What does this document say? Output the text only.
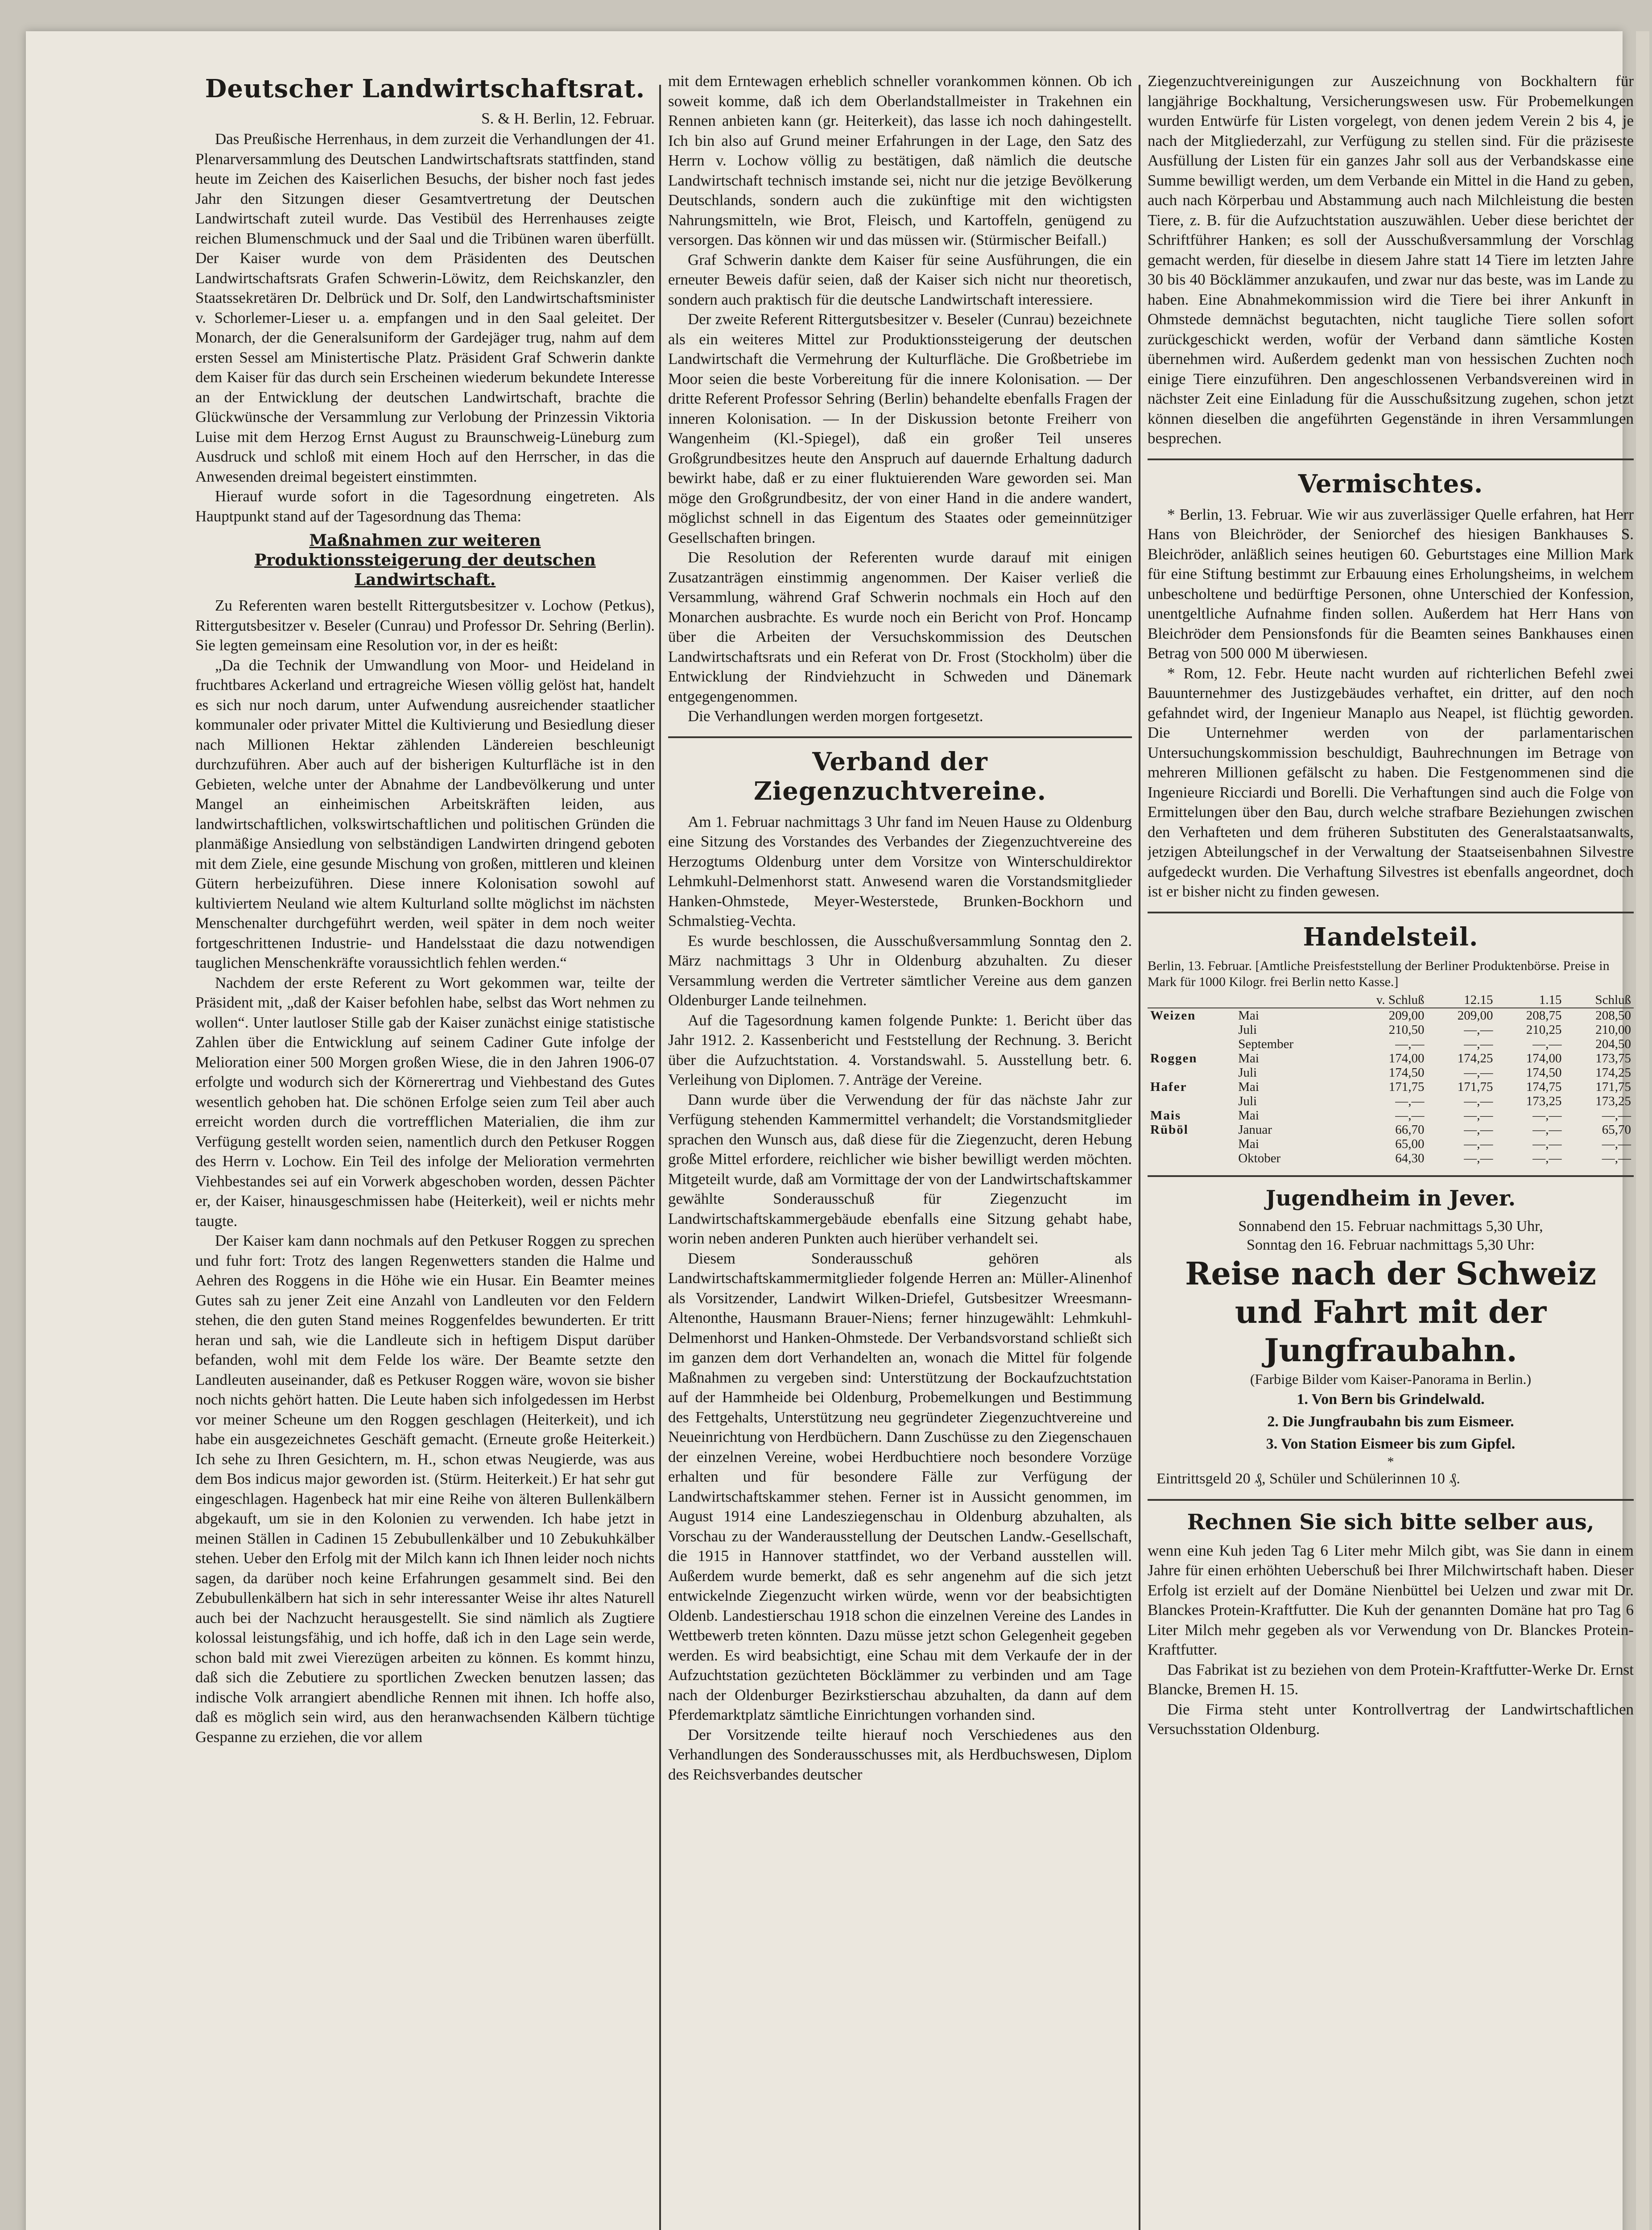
Deutscher Landwirtschaftsrat.
S. & H. Berlin, 12. Februar.

Das Preußische Herrenhaus, in dem zurzeit die Verhandlungen der 41. Plenarversammlung des Deutschen Landwirtschaftsrats stattfinden, stand heute im Zeichen des Kaiserlichen Besuchs, der bisher noch fast jedes Jahr den Sitzungen dieser Gesamtvertretung der Deutschen Landwirtschaft zuteil wurde. Das Vestibül des Herrenhauses zeigte reichen Blumenschmuck und der Saal und die Tribünen waren überfüllt. Der Kaiser wurde von dem Präsidenten des Deutschen Landwirtschaftsrats Grafen Schwerin-Löwitz, dem Reichskanzler, den Staatssekretären Dr. Delbrück und Dr. Solf, den Landwirtschaftsminister v. Schorlemer-Lieser u. a. empfangen und in den Saal geleitet. Der Monarch, der die Generalsuniform der Gardejäger trug, nahm auf dem ersten Sessel am Ministertische Platz. Präsident Graf Schwerin dankte dem Kaiser für das durch sein Erscheinen wiederum bekundete Interesse an der Entwicklung der deutschen Landwirtschaft, brachte die Glückwünsche der Versammlung zur Verlobung der Prinzessin Viktoria Luise mit dem Herzog Ernst August zu Braunschweig-Lüneburg zum Ausdruck und schloß mit einem Hoch auf den Herrscher, in das die Anwesenden dreimal begeistert einstimmten.

Hierauf wurde sofort in die Tagesordnung eingetreten. Als Hauptpunkt stand auf der Tagesordnung das Thema:

Maßnahmen zur weiteren Produktionssteigerung der deutschen Landwirtschaft.

Zu Referenten waren bestellt Rittergutsbesitzer v. Lochow (Petkus), Rittergutsbesitzer v. Beseler (Cunrau) und Professor Dr. Sehring (Berlin). Sie legten gemeinsam eine Resolution vor, in der es heißt:

„Da die Technik der Umwandlung von Moor- und Heideland in fruchtbares Ackerland und ertragreiche Wiesen völlig gelöst hat, handelt es sich nur noch darum, unter Aufwendung ausreichender staatlicher kommunaler oder privater Mittel die Kultivierung und Besiedlung dieser nach Millionen Hektar zählenden Ländereien beschleunigt durchzuführen. Aber auch auf der bisherigen Kulturfläche ist in den Gebieten, welche unter der Abnahme der Landbevölkerung und unter Mangel an einheimischen Arbeitskräften leiden, aus landwirtschaftlichen, volkswirtschaftlichen und politischen Gründen die planmäßige Ansiedlung von selbständigen Landwirten dringend geboten mit dem Ziele, eine gesunde Mischung von großen, mittleren und kleinen Gütern herbeizuführen. Diese innere Kolonisation sowohl auf kultiviertem Neuland wie altem Kulturland sollte möglichst im nächsten Menschenalter durchgeführt werden, weil später in dem noch weiter fortgeschrittenen Industrie- und Handelsstaat die dazu notwendigen tauglichen Menschenkräfte voraussichtlich fehlen werden.“

Nachdem der erste Referent zu Wort gekommen war, teilte der Präsident mit, „daß der Kaiser befohlen habe, selbst das Wort nehmen zu wollen“. Unter lautloser Stille gab der Kaiser zunächst einige statistische Zahlen über die Entwicklung auf seinem Cadiner Gute infolge der Melioration einer 500 Morgen großen Wiese, die in den Jahren 1906-07 erfolgte und wodurch sich der Körnerertrag und Viehbestand des Gutes wesentlich gehoben hat. Die schönen Erfolge seien zum Teil aber auch erreicht worden durch die vortrefflichen Materialien, die ihm zur Verfügung gestellt worden seien, namentlich durch den Petkuser Roggen des Herrn v. Lochow. Ein Teil des infolge der Melioration vermehrten Viehbestandes sei auf ein Vorwerk abgeschoben worden, dessen Pächter er, der Kaiser, hinausgeschmissen habe (Heiterkeit), weil er nichts mehr taugte.

Der Kaiser kam dann nochmals auf den Petkuser Roggen zu sprechen und fuhr fort: Trotz des langen Regenwetters standen die Halme und Aehren des Roggens in die Höhe wie ein Husar. Ein Beamter meines Gutes sah zu jener Zeit eine Anzahl von Landleuten vor den Feldern stehen, die den guten Stand meines Roggenfeldes bewunderten. Er tritt heran und sah, wie die Landleute sich in heftigem Disput darüber befanden, wohl mit dem Felde los wäre. Der Beamte setzte den Landleuten auseinander, daß es Petkuser Roggen wäre, wovon sie bisher noch nichts gehört hatten. Die Leute haben sich infolgedessen im Herbst vor meiner Scheune um den Roggen geschlagen (Heiterkeit), und ich habe ein ausgezeichnetes Geschäft gemacht. (Erneute große Heiterkeit.) Ich sehe zu Ihren Gesichtern, m. H., schon etwas Neugierde, was aus dem Bos indicus major geworden ist. (Stürm. Heiterkeit.) Er hat sehr gut eingeschlagen. Hagenbeck hat mir eine Reihe von älteren Bullenkälbern abgekauft, um sie in den Kolonien zu verwenden. Ich habe jetzt in meinen Ställen in Cadinen 15 Zebubullenkälber und 10 Zebukuhkälber stehen. Ueber den Erfolg mit der Milch kann ich Ihnen leider noch nichts sagen, da darüber noch keine Erfahrungen gesammelt sind. Bei den Zebubullenkälbern hat sich in sehr interessanter Weise ihr altes Naturell auch bei der Nachzucht herausgestellt. Sie sind nämlich als Zugtiere kolossal leistungsfähig, und ich hoffe, daß ich in den Lage sein werde, schon bald mit zwei Vierezügen arbeiten zu können. Es kommt hinzu, daß sich die Zebutiere zu sportlichen Zwecken benutzen lassen; das indische Volk arrangiert abendliche Rennen mit ihnen. Ich hoffe also, daß es möglich sein wird, aus den heranwachsenden Kälbern tüchtige Gespanne zu erziehen, die vor allem

mit dem Erntewagen erheblich schneller vorankommen können. Ob ich soweit komme, daß ich dem Oberlandstallmeister in Trakehnen ein Rennen anbieten kann (gr. Heiterkeit), das lasse ich noch dahingestellt. Ich bin also auf Grund meiner Erfahrungen in der Lage, den Satz des Herrn v. Lochow völlig zu bestätigen, daß nämlich die deutsche Landwirtschaft technisch imstande sei, nicht nur die jetzige Bevölkerung Deutschlands, sondern auch die zukünftige mit den wichtigsten Nahrungsmitteln, wie Brot, Fleisch, und Kartoffeln, genügend zu versorgen. Das können wir und das müssen wir. (Stürmischer Beifall.)

Graf Schwerin dankte dem Kaiser für seine Ausführungen, die ein erneuter Beweis dafür seien, daß der Kaiser sich nicht nur theoretisch, sondern auch praktisch für die deutsche Landwirtschaft interessiere.

Der zweite Referent Rittergutsbesitzer v. Beseler (Cunrau) bezeichnete als ein weiteres Mittel zur Produktionssteigerung der deutschen Landwirtschaft die Vermehrung der Kulturfläche. Die Großbetriebe im Moor seien die beste Vorbereitung für die innere Kolonisation. — Der dritte Referent Professor Sehring (Berlin) behandelte ebenfalls Fragen der inneren Kolonisation. — In der Diskussion betonte Freiherr von Wangenheim (Kl.-Spiegel), daß ein großer Teil unseres Großgrundbesitzes heute den Anspruch auf dauernde Erhaltung dadurch bewirkt habe, daß er zu einer fluktuierenden Ware geworden sei. Man möge den Großgrundbesitz, der von einer Hand in die andere wandert, möglichst schnell in das Eigentum des Staates oder gemeinnütziger Gesellschaften bringen.

Die Resolution der Referenten wurde darauf mit einigen Zusatzanträgen einstimmig angenommen. Der Kaiser verließ die Versammlung, während Graf Schwerin nochmals ein Hoch auf den Monarchen ausbrachte. Es wurde noch ein Bericht von Prof. Honcamp über die Arbeiten der Versuchskommission des Deutschen Landwirtschaftsrats und ein Referat von Dr. Frost (Stockholm) über die Entwicklung der Rindviehzucht in Schweden und Dänemark entgegengenommen.

Die Verhandlungen werden morgen fortgesetzt.

Verband der Ziegenzuchtvereine.

Am 1. Februar nachmittags 3 Uhr fand im Neuen Hause zu Oldenburg eine Sitzung des Vorstandes des Verbandes der Ziegenzuchtvereine des Herzogtums Oldenburg unter dem Vorsitze von Winterschuldirektor Lehmkuhl-Delmenhorst statt. Anwesend waren die Vorstandsmitglieder Hanken-Ohmstede, Meyer-Westerstede, Brunken-Bockhorn und Schmalstieg-Vechta.

Es wurde beschlossen, die Ausschußversammlung Sonntag den 2. März nachmittags 3 Uhr in Oldenburg abzuhalten. Zu dieser Versammlung werden die Vertreter sämtlicher Vereine aus dem ganzen Oldenburger Lande teilnehmen.

Auf die Tagesordnung kamen folgende Punkte: 1. Bericht über das Jahr 1912. 2. Kassenbericht und Feststellung der Rechnung. 3. Bericht über die Aufzuchtstation. 4. Vorstandswahl. 5. Ausstellung betr. 6. Verleihung von Diplomen. 7. Anträge der Vereine.

Dann wurde über die Verwendung der für das nächste Jahr zur Verfügung stehenden Kammermittel verhandelt; die Vorstandsmitglieder sprachen den Wunsch aus, daß diese für die Ziegenzucht, deren Hebung große Mittel erfordere, reichlicher wie bisher bewilligt werden möchten. Mitgeteilt wurde, daß am Vormittage der von der Landwirtschaftskammer gewählte Sonderausschuß für Ziegenzucht im Landwirtschaftskammergebäude ebenfalls eine Sitzung gehabt habe, worin neben anderen Punkten auch hierüber verhandelt sei.

Diesem Sonderausschuß gehören als Landwirtschaftskammermitglieder folgende Herren an: Müller-Alinenhof als Vorsitzender, Landwirt Wilken-Driefel, Gutsbesitzer Wreesmann-Altenonthe, Hausmann Brauer-Niens; ferner hinzugewählt: Lehmkuhl-Delmenhorst und Hanken-Ohmstede. Der Verbandsvorstand schließt sich im ganzen dem dort Verhandelten an, wonach die Mittel für folgende Maßnahmen zu vergeben sind: Unterstützung der Bockaufzuchtstation auf der Hammheide bei Oldenburg, Probemelkungen und Bestimmung des Fettgehalts, Unterstützung neu gegründeter Ziegenzuchtvereine und Neueinrichtung von Herdbüchern. Dann Zuschüsse zu den Ziegenschauen der einzelnen Vereine, wobei Herdbuchtiere noch besondere Vorzüge erhalten und für besondere Fälle zur Verfügung der Landwirtschaftskammer stehen. Ferner ist in Aussicht genommen, im August 1914 eine Landesziegenschau in Oldenburg abzuhalten, als Vorschau zu der Wanderausstellung der Deutschen Landw.-Gesellschaft, die 1915 in Hannover stattfindet, wo der Verband ausstellen will. Außerdem wurde bemerkt, daß es sehr angenehm auf die sich jetzt entwickelnde Ziegenzucht wirken würde, wenn vor der beabsichtigten Oldenb. Landestierschau 1918 schon die einzelnen Vereine des Landes in Wettbewerb treten könnten. Dazu müsse jetzt schon Gelegenheit gegeben werden. Es wird beabsichtigt, eine Schau mit dem Verkaufe der in der Aufzuchtstation gezüchteten Böcklämmer zu verbinden und am Tage nach der Oldenburger Bezirkstierschau abzuhalten, da dann auf dem Pferdemarktplatz sämtliche Einrichtungen vorhanden sind.

Der Vorsitzende teilte hierauf noch Verschiedenes aus den Verhandlungen des Sonderausschusses mit, als Herdbuchswesen, Diplom des Reichsverbandes deutscher

Ziegenzuchtvereinigungen zur Auszeichnung von Bockhaltern für langjährige Bockhaltung, Versicherungswesen usw. Für Probemelkungen wurden Entwürfe für Listen vorgelegt, von denen jedem Verein 2 bis 4, je nach der Mitgliederzahl, zur Verfügung zu stellen sind. Für die präziseste Ausfüllung der Listen für ein ganzes Jahr soll aus der Verbandskasse eine Summe bewilligt werden, um dem Verbande ein Mittel in die Hand zu geben, auch nach Körperbau und Abstammung auch nach Milchleistung die besten Tiere, z. B. für die Aufzuchtstation auszuwählen. Ueber diese berichtet der Schriftführer Hanken; es soll der Ausschußversammlung der Vorschlag gemacht werden, für dieselbe in diesem Jahre statt 14 Tiere im letzten Jahre 30 bis 40 Böcklämmer anzukaufen, und zwar nur das beste, was im Lande zu haben. Eine Abnahmekommission wird die Tiere bei ihrer Ankunft in Ohmstede demnächst begutachten, nicht taugliche Tiere sollen sofort zurückgeschickt werden, wofür der Verband dann sämtliche Kosten übernehmen wird. Außerdem gedenkt man von hessischen Zuchten noch einige Tiere einzuführen. Den angeschlossenen Verbandsvereinen wird in nächster Zeit eine Einladung für die Ausschußsitzung zugehen, schon jetzt können dieselben die angeführten Gegenstände in ihren Versammlungen besprechen.

Vermischtes.

* Berlin, 13. Februar. Wie wir aus zuverlässiger Quelle erfahren, hat Herr Hans von Bleichröder, der Seniorchef des hiesigen Bankhauses S. Bleichröder, anläßlich seines heutigen 60. Geburtstages eine Million Mark für eine Stiftung bestimmt zur Erbauung eines Erholungsheims, in welchem unbescholtene und bedürftige Personen, ohne Unterschied der Konfession, unentgeltliche Aufnahme finden sollen. Außerdem hat Herr Hans von Bleichröder dem Pensionsfonds für die Beamten seines Bankhauses einen Betrag von 500 000 M überwiesen.

* Rom, 12. Febr. Heute nacht wurden auf richterlichen Befehl zwei Bauunternehmer des Justizgebäudes verhaftet, ein dritter, auf den noch gefahndet wird, der Ingenieur Manaplo aus Neapel, ist flüchtig geworden. Die Unternehmer werden von der parlamentarischen Untersuchungskommission beschuldigt, Bauhrechnungen im Betrage von mehreren Millionen gefälscht zu haben. Die Festgenommenen sind die Ingenieure Ricciardi und Borelli. Die Verhaftungen sind auch die Folge von Ermittelungen über den Bau, durch welche strafbare Beziehungen zwischen den Verhafteten und dem früheren Substituten des Generalstaatsanwalts, jetzigen Abteilungschef in der Verwaltung der Staatseisenbahnen Silvestre aufgedeckt wurden. Die Verhaftung Silvestres ist ebenfalls angeordnet, doch ist er bisher nicht zu finden gewesen.

Handelsteil.

Berlin, 13. Februar. [Amtliche Preisfeststellung der Berliner Produktenbörse. Preise in Mark für 1000 Kilogr. frei Berlin netto Kasse.]

		v. Schluß	12.15	1.15	Schluß
Weizen	Mai	209,00	209,00	208,75	208,50
	Juli	210,50	—,—	210,25	210,00
	September	—,—	—,—	—,—	204,50
Roggen	Mai	174,00	174,25	174,00	173,75
	Juli	174,50	—,—	174,50	174,25
Hafer	Mai	171,75	171,75	174,75	171,75
	Juli	—,—	—,—	173,25	173,25
Mais	Mai	—,—	—,—	—,—	—,—
Rüböl	Januar	66,70	—,—	—,—	65,70
	Mai	65,00	—,—	—,—	—,—
	Oktober	64,30	—,—	—,—	—,—
Jugendheim in Jever.
Sonnabend den 15. Februar nachmittags 5,30 Uhr,
Sonntag den 16. Februar nachmittags 5,30 Uhr:
Reise nach der Schweiz
und Fahrt mit der Jungfraubahn.
(Farbige Bilder vom Kaiser-Panorama in Berlin.)
1. Von Bern bis Grindelwald.
2. Die Jungfraubahn bis zum Eismeer.
3. Von Station Eismeer bis zum Gipfel.
*
Eintrittsgeld 20 ₰, Schüler und Schülerinnen 10 ₰.
Rechnen Sie sich bitte selber aus,

wenn eine Kuh jeden Tag 6 Liter mehr Milch gibt, was Sie dann in einem Jahre für einen erhöhten Ueberschuß bei Ihrer Milchwirtschaft haben. Dieser Erfolg ist erzielt auf der Domäne Nienbüttel bei Uelzen und zwar mit Dr. Blanckes Protein-Kraftfutter. Die Kuh der genannten Domäne hat pro Tag 6 Liter Milch mehr gegeben als vor Verwendung von Dr. Blanckes Protein-Kraftfutter.

Das Fabrikat ist zu beziehen von dem Protein-Kraftfutter-Werke Dr. Ernst Blancke, Bremen H. 15.

Die Firma steht unter Kontrollvertrag der Landwirtschaftlichen Versuchsstation Oldenburg.
